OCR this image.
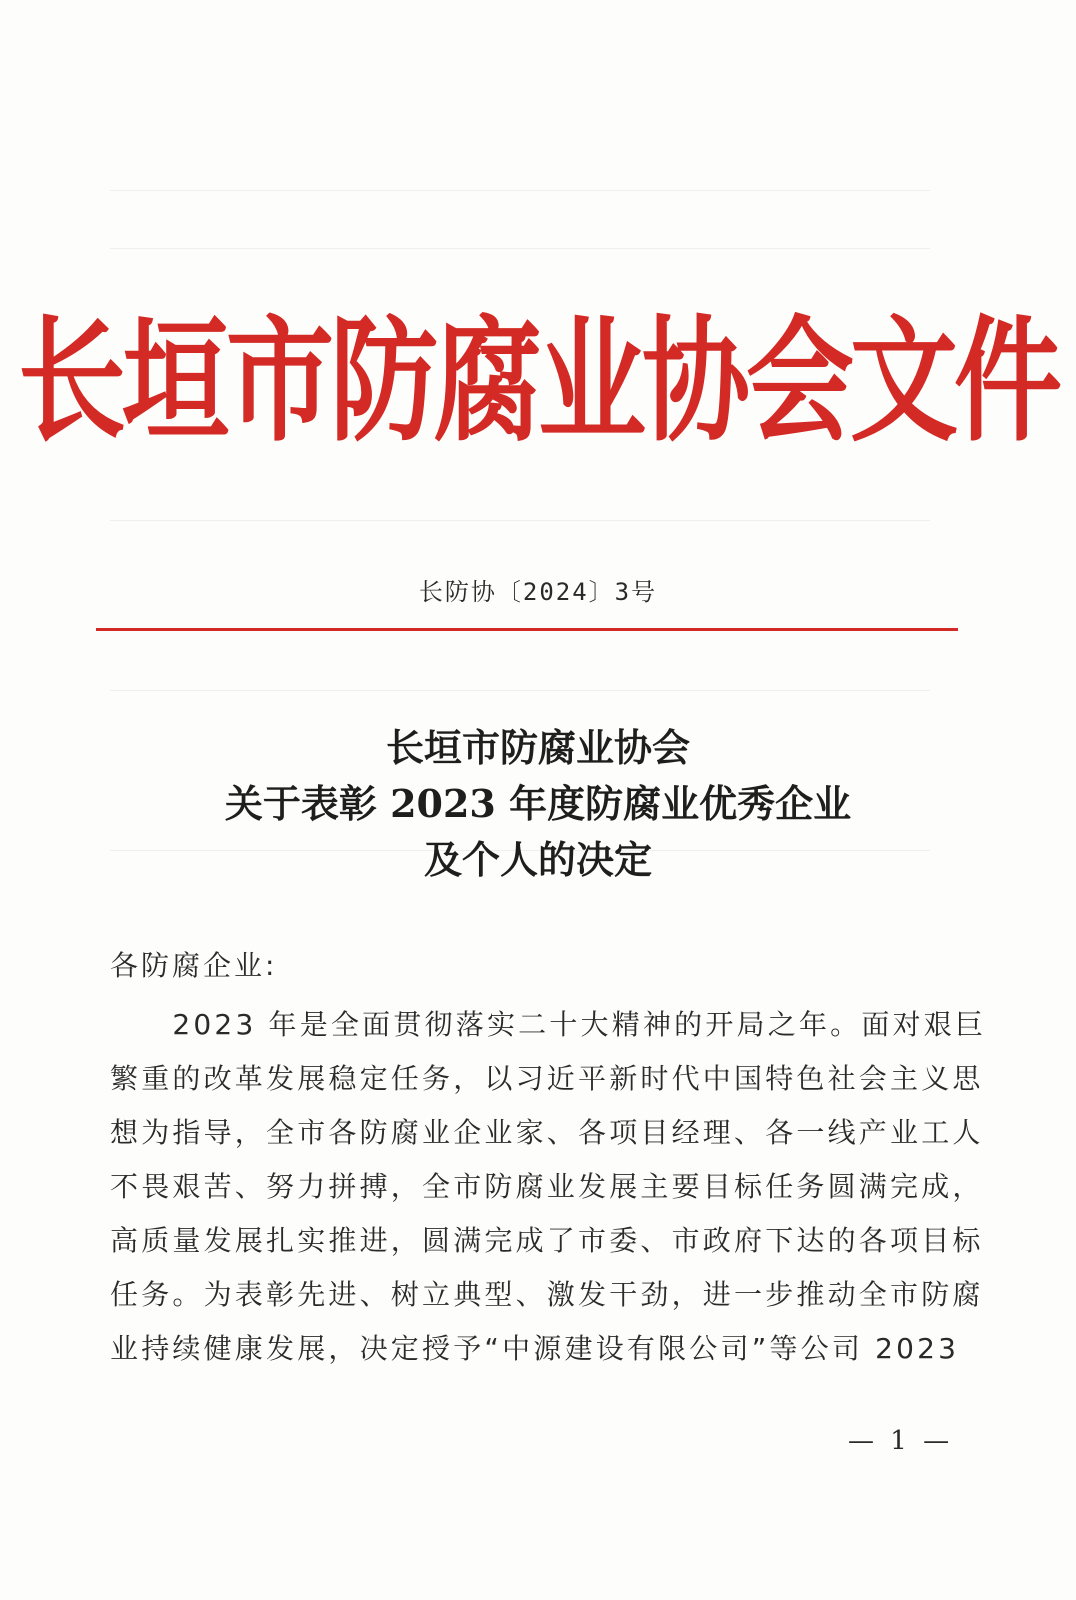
长垣市防腐业协会文件
长防协〔2024〕3号
长垣市防腐业协会
关于表彰 2023 年度防腐业优秀企业
及个人的决定
各防腐企业:
　　2023 年是全面贯彻落实二十大精神的开局之年。面对艰巨
繁重的改革发展稳定任务，以习近平新时代中国特色社会主义思
想为指导，全市各防腐业企业家、各项目经理、各一线产业工人
不畏艰苦、努力拼搏，全市防腐业发展主要目标任务圆满完成，
高质量发展扎实推进，圆满完成了市委、市政府下达的各项目标
任务。为表彰先进、树立典型、激发干劲，进一步推动全市防腐
业持续健康发展，决定授予“中源建设有限公司”等公司 2023
— 1 —
